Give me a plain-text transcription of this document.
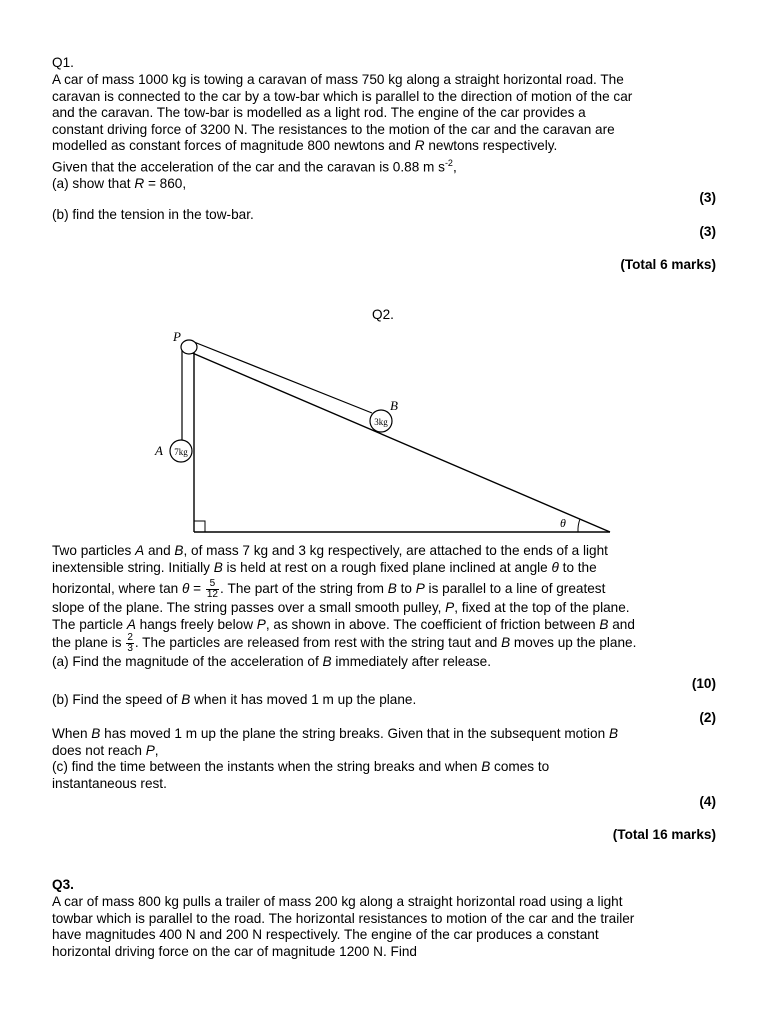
Q1.
A car of mass 1000 kg is towing a caravan of mass 750 kg along a straight horizontal road. The
caravan is connected to the car by a tow-bar which is parallel to the direction of motion of the car
and the caravan. The tow-bar is modelled as a light rod. The engine of the car provides a
constant driving force of 3200 N. The resistances to the motion of the car and the caravan are
modelled as constant forces of magnitude 800 newtons and R newtons respectively.
Given that the acceleration of the car and the caravan is 0.88 m $s^{-2}$,
(a) show that R = 860,
(3)
(b) find the tension in the tow-bar.
(3)
(Total 6 marks)
Q2.
7kg
3kg
P
A
B
θ
Two particles A and B, of mass 7 kg and 3 kg respectively, are attached to the ends of a light
inextensible string. Initially B is held at rest on a rough fixed plane inclined at angle θ to the
horizontal, where $\tan \theta = \frac{5}{12}$ . The part of the string from B to P is parallel to a line of greatest
slope of the plane. The string passes over a small smooth pulley, P, fixed at the top of the plane.
The particle A hangs freely below P, as shown in above. The coefficient of friction between B and
the plane is $\frac{2}{3}$ . The particles are released from rest with the string taut and B moves up the plane.
(a) Find the magnitude of the acceleration of B immediately after release.
(10)
(b) Find the speed of B when it has moved 1 m up the plane.
(2)
When B has moved 1 m up the plane the string breaks. Given that in the subsequent motion B
does not reach P,
(c) find the time between the instants when the string breaks and when B comes to
instantaneous rest.
(4)
(Total 16 marks)
Q3.
A car of mass 800 kg pulls a trailer of mass 200 kg along a straight horizontal road using a light
towbar which is parallel to the road. The horizontal resistances to motion of the car and the trailer
have magnitudes 400 N and 200 N respectively. The engine of the car produces a constant
horizontal driving force on the car of magnitude 1200 N. Find
